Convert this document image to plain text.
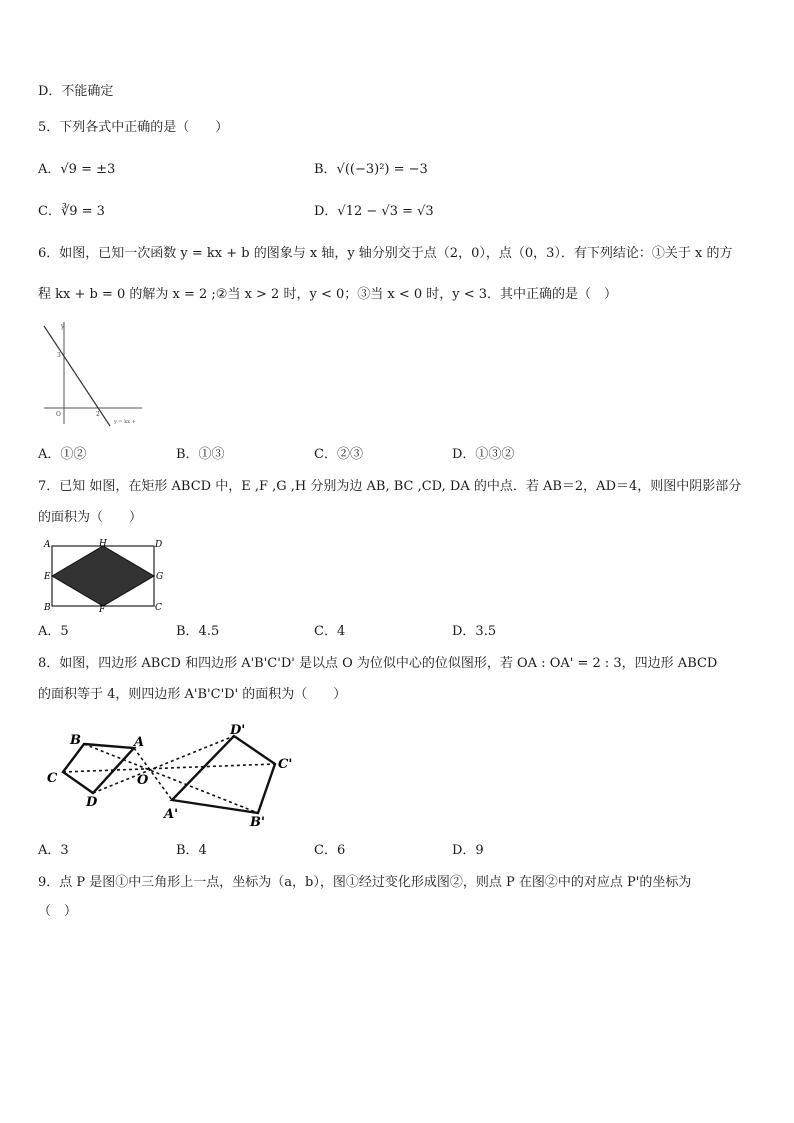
D．不能确定
5．下列各式中正确的是（　　）
A．√9 = ±3	B．√((−3)²) = −3
C．∛9 = 3	D．√12 − √3 = √3
6．如图，已知一次函数 y = kx + b 的图象与 x 轴，y 轴分别交于点（2，0），点（0，3）．有下列结论：①关于 x 的方
程 kx + b = 0 的解为 x = 2 ;②当 x > 2 时，y < 0；③当 x < 0 时，y < 3．其中正确的是（　）
y
3
O	2
y = kx +
A．①②	B．①③	C．②③	D．①③②
7．已知 如图，在矩形 ABCD 中，E ,F ,G ,H 分别为边 AB, BC ,CD, DA 的中点．若 AB＝2，AD＝4，则图中阴影部分
的面积为（　　）
A	H	D
E	G
B	F	C
A．5	B．4.5	C．4	D．3.5
8．如图，四边形 ABCD 和四边形 A'B'C'D' 是以点 O 为位似中心的位似图形，若 OA : OA' = 2 : 3，四边形 ABCD
的面积等于 4，则四边形 A'B'C'D' 的面积为（　　）
B	A
C
D
O
D'
C'
A'
B'
A．3	B．4	C．6	D．9
9．点 P 是图①中三角形上一点，坐标为（a，b），图①经过变化形成图②，则点 P 在图②中的对应点 P'的坐标为
（　）
